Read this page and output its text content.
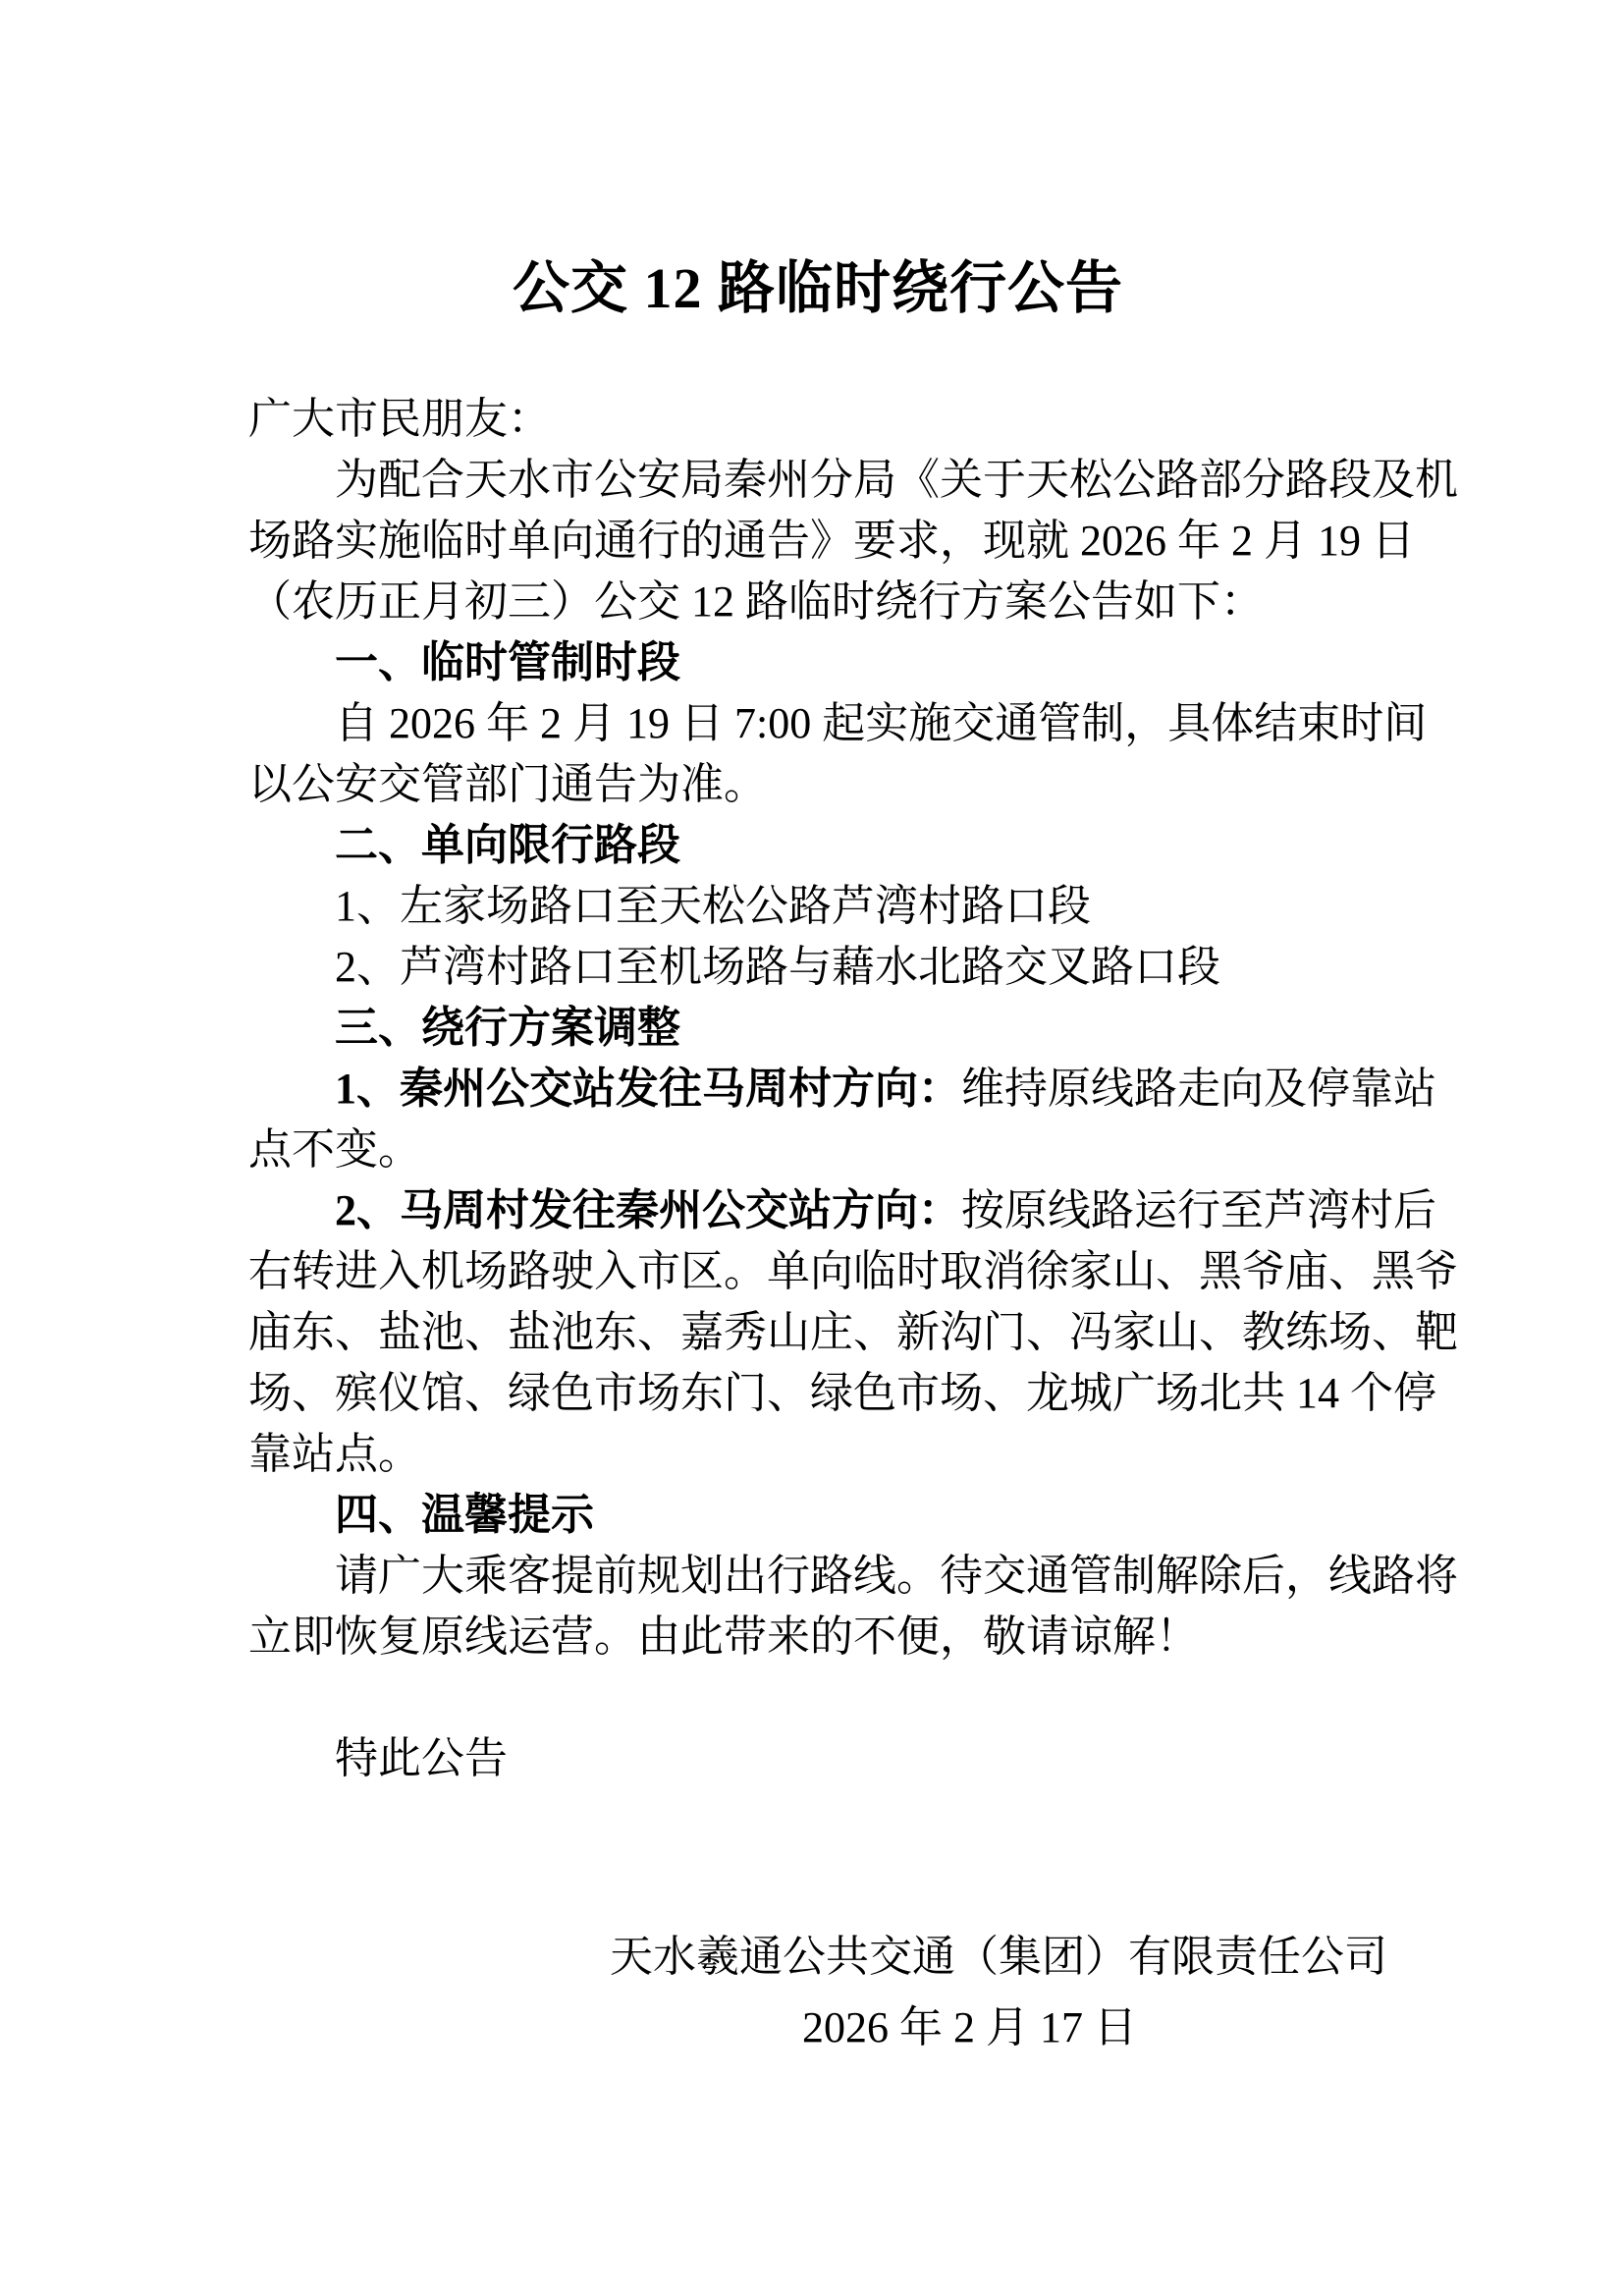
公交 12 路临时绕行公告
广大市民朋友：
为配合天水市公安局秦州分局《关于天松公路部分路段及机
场路实施临时单向通行的通告》要求，现就 2026 年 2 月 19 日
（农历正月初三）公交 12 路临时绕行方案公告如下：
一、临时管制时段
自 2026 年 2 月 19 日 7:00 起实施交通管制，具体结束时间
以公安交管部门通告为准。
二、单向限行路段
1、左家场路口至天松公路芦湾村路口段
2、芦湾村路口至机场路与藉水北路交叉路口段
三、绕行方案调整
1、秦州公交站发往马周村方向：维持原线路走向及停靠站
点不变。
2、马周村发往秦州公交站方向：按原线路运行至芦湾村后
右转进入机场路驶入市区。单向临时取消徐家山、黑爷庙、黑爷
庙东、盐池、盐池东、嘉秀山庄、新沟门、冯家山、教练场、靶
场、殡仪馆、绿色市场东门、绿色市场、龙城广场北共 14 个停
靠站点。
四、温馨提示
请广大乘客提前规划出行路线。待交通管制解除后，线路将
立即恢复原线运营。由此带来的不便，敬请谅解！
特此公告
天水羲通公共交通（集团）有限责任公司
2026 年 2 月 17 日
